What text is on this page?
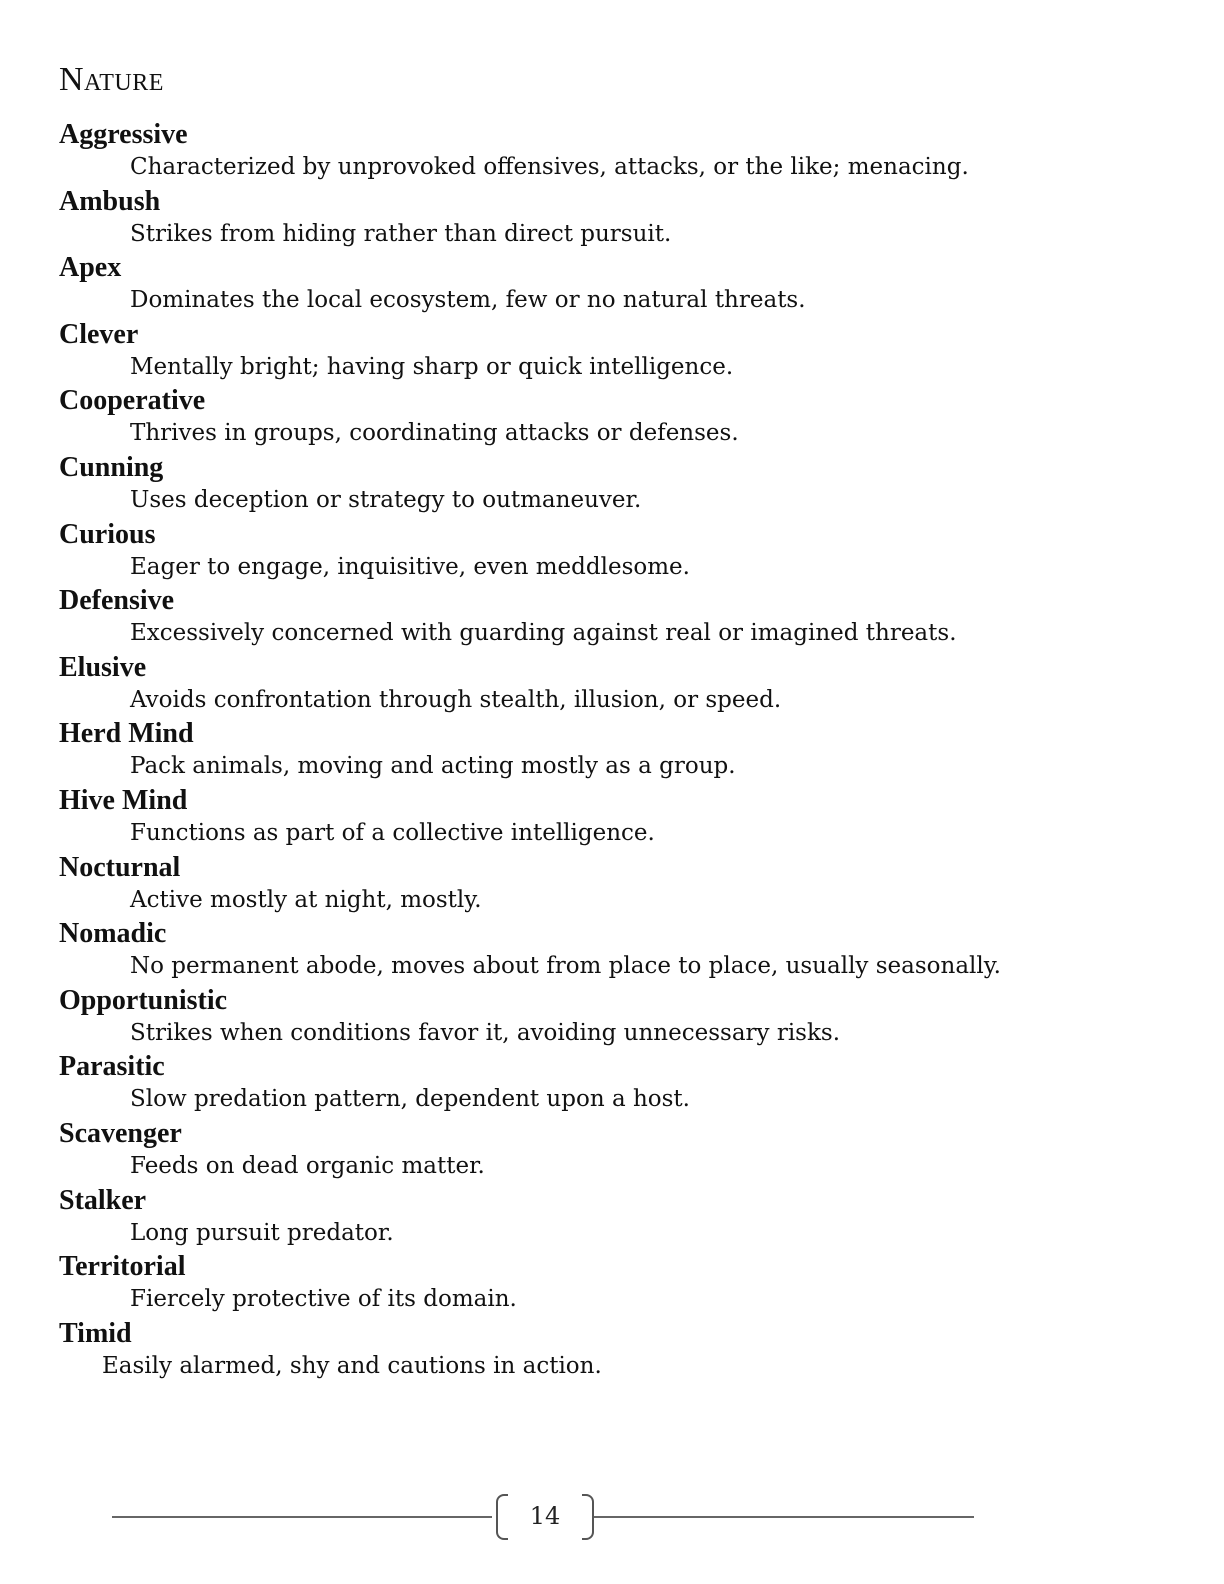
Nature
Aggressive
Characterized by unprovoked offensives, attacks, or the like; menacing.
Ambush
Strikes from hiding rather than direct pursuit.
Apex
Dominates the local ecosystem, few or no natural threats.
Clever
Mentally bright; having sharp or quick intelligence.
Cooperative
Thrives in groups, coordinating attacks or defenses.
Cunning
Uses deception or strategy to outmaneuver.
Curious
Eager to engage, inquisitive, even meddlesome.
Defensive
Excessively concerned with guarding against real or imagined threats.
Elusive
Avoids confrontation through stealth, illusion, or speed.
Herd Mind
Pack animals, moving and acting mostly as a group.
Hive Mind
Functions as part of a collective intelligence.
Nocturnal
Active mostly at night, mostly.
Nomadic
No permanent abode, moves about from place to place, usually seasonally.
Opportunistic
Strikes when conditions favor it, avoiding unnecessary risks.
Parasitic
Slow predation pattern, dependent upon a host.
Scavenger
Feeds on dead organic matter.
Stalker
Long pursuit predator.
Territorial
Fiercely protective of its domain.
Timid
Easily alarmed, shy and cautions in action.
14
